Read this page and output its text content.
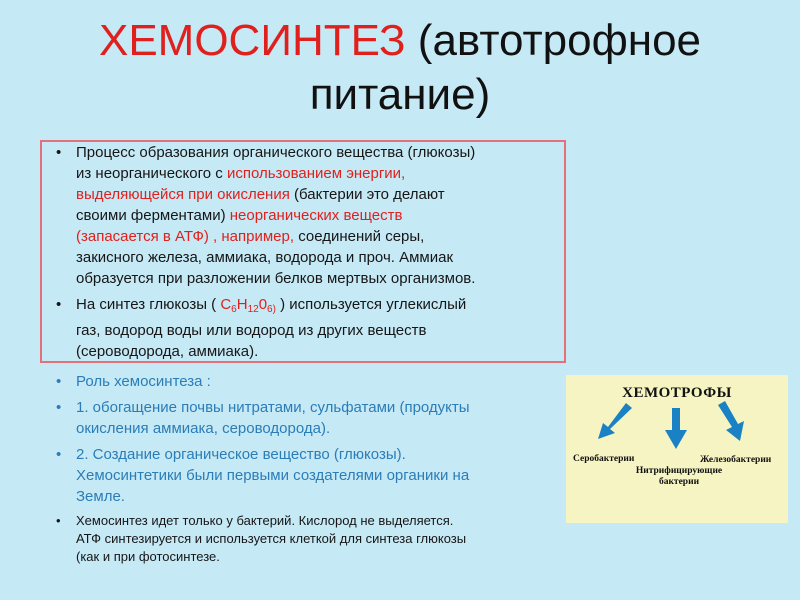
ХЕМОСИНТЕЗ (автотрофное
питание)
• Процесс образования органического вещества (глюкозы)
из неорганического с использованием энергии,
выделяющейся при окисления (бактерии это делают
своими ферментами) неорганических веществ
(запасается в АТФ) , например, соединений серы,
закисного железа, аммиака, водорода и проч. Аммиак
образуется при разложении белков мертвых организмов.
• На синтез глюкозы ( $С_6Н_{12}0_{6)}$ ) используется углекислый
газ, водород воды или водород из других веществ
(сероводорода, аммиака).
• Роль хемосинтеза :
• 1. обогащение почвы нитратами, сульфатами (продукты
окисления аммиака, сероводорода).
• 2. Создание органическое вещество (глюкозы).
Хемосинтетики были первыми создателями органики на
Земле.
• Хемосинтез идет только у бактерий. Кислород не выделяется.
АТФ синтезируется и используется клеткой для синтеза глюкозы
(как и при фотосинтезе.
ХЕМОТРОФЫ
Серобактерии
Нитрифицирующие
бактерии
Железобактерии
